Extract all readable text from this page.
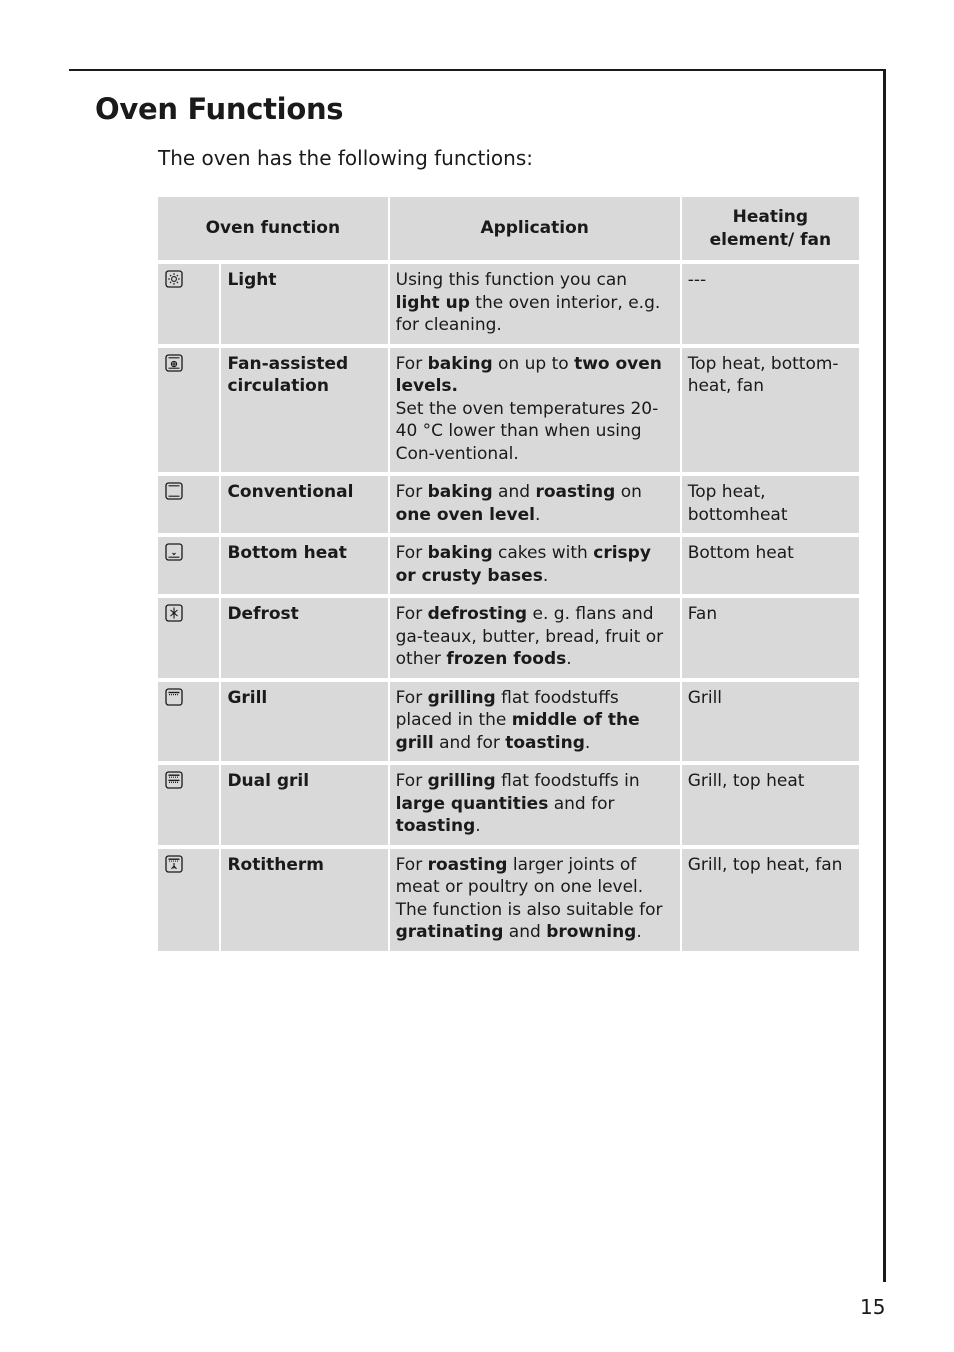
Oven Functions

The oven has the following functions:

Oven function		Application	Heating element/ fan

	Light	Using this function you can light up the oven interior, e.g. for cleaning.	---

	Fan-assisted circulation	For baking on up to two oven levels.
Set the oven temperatures 20-40 °C lower than when using Con-ventional.	Top heat, bottom-heat, fan

	Conventional	For baking and roasting on one oven level.	Top heat, bottomheat

	Bottom heat	For baking cakes with crispy or crusty bases.	Bottom heat

	Defrost	For defrosting e. g. flans and ga-teaux, butter, bread, fruit or other frozen foods.	Fan

	Grill	For grilling flat foodstuffs placed in the middle of the grill and for toasting.	Grill

	Dual gril	For grilling flat foodstuffs in large quantities and for toasting.	Grill, top heat

	Rotitherm	For roasting larger joints of meat or poultry on one level.
The function is also suitable for gratinating and browning.	Grill, top heat, fan
15
